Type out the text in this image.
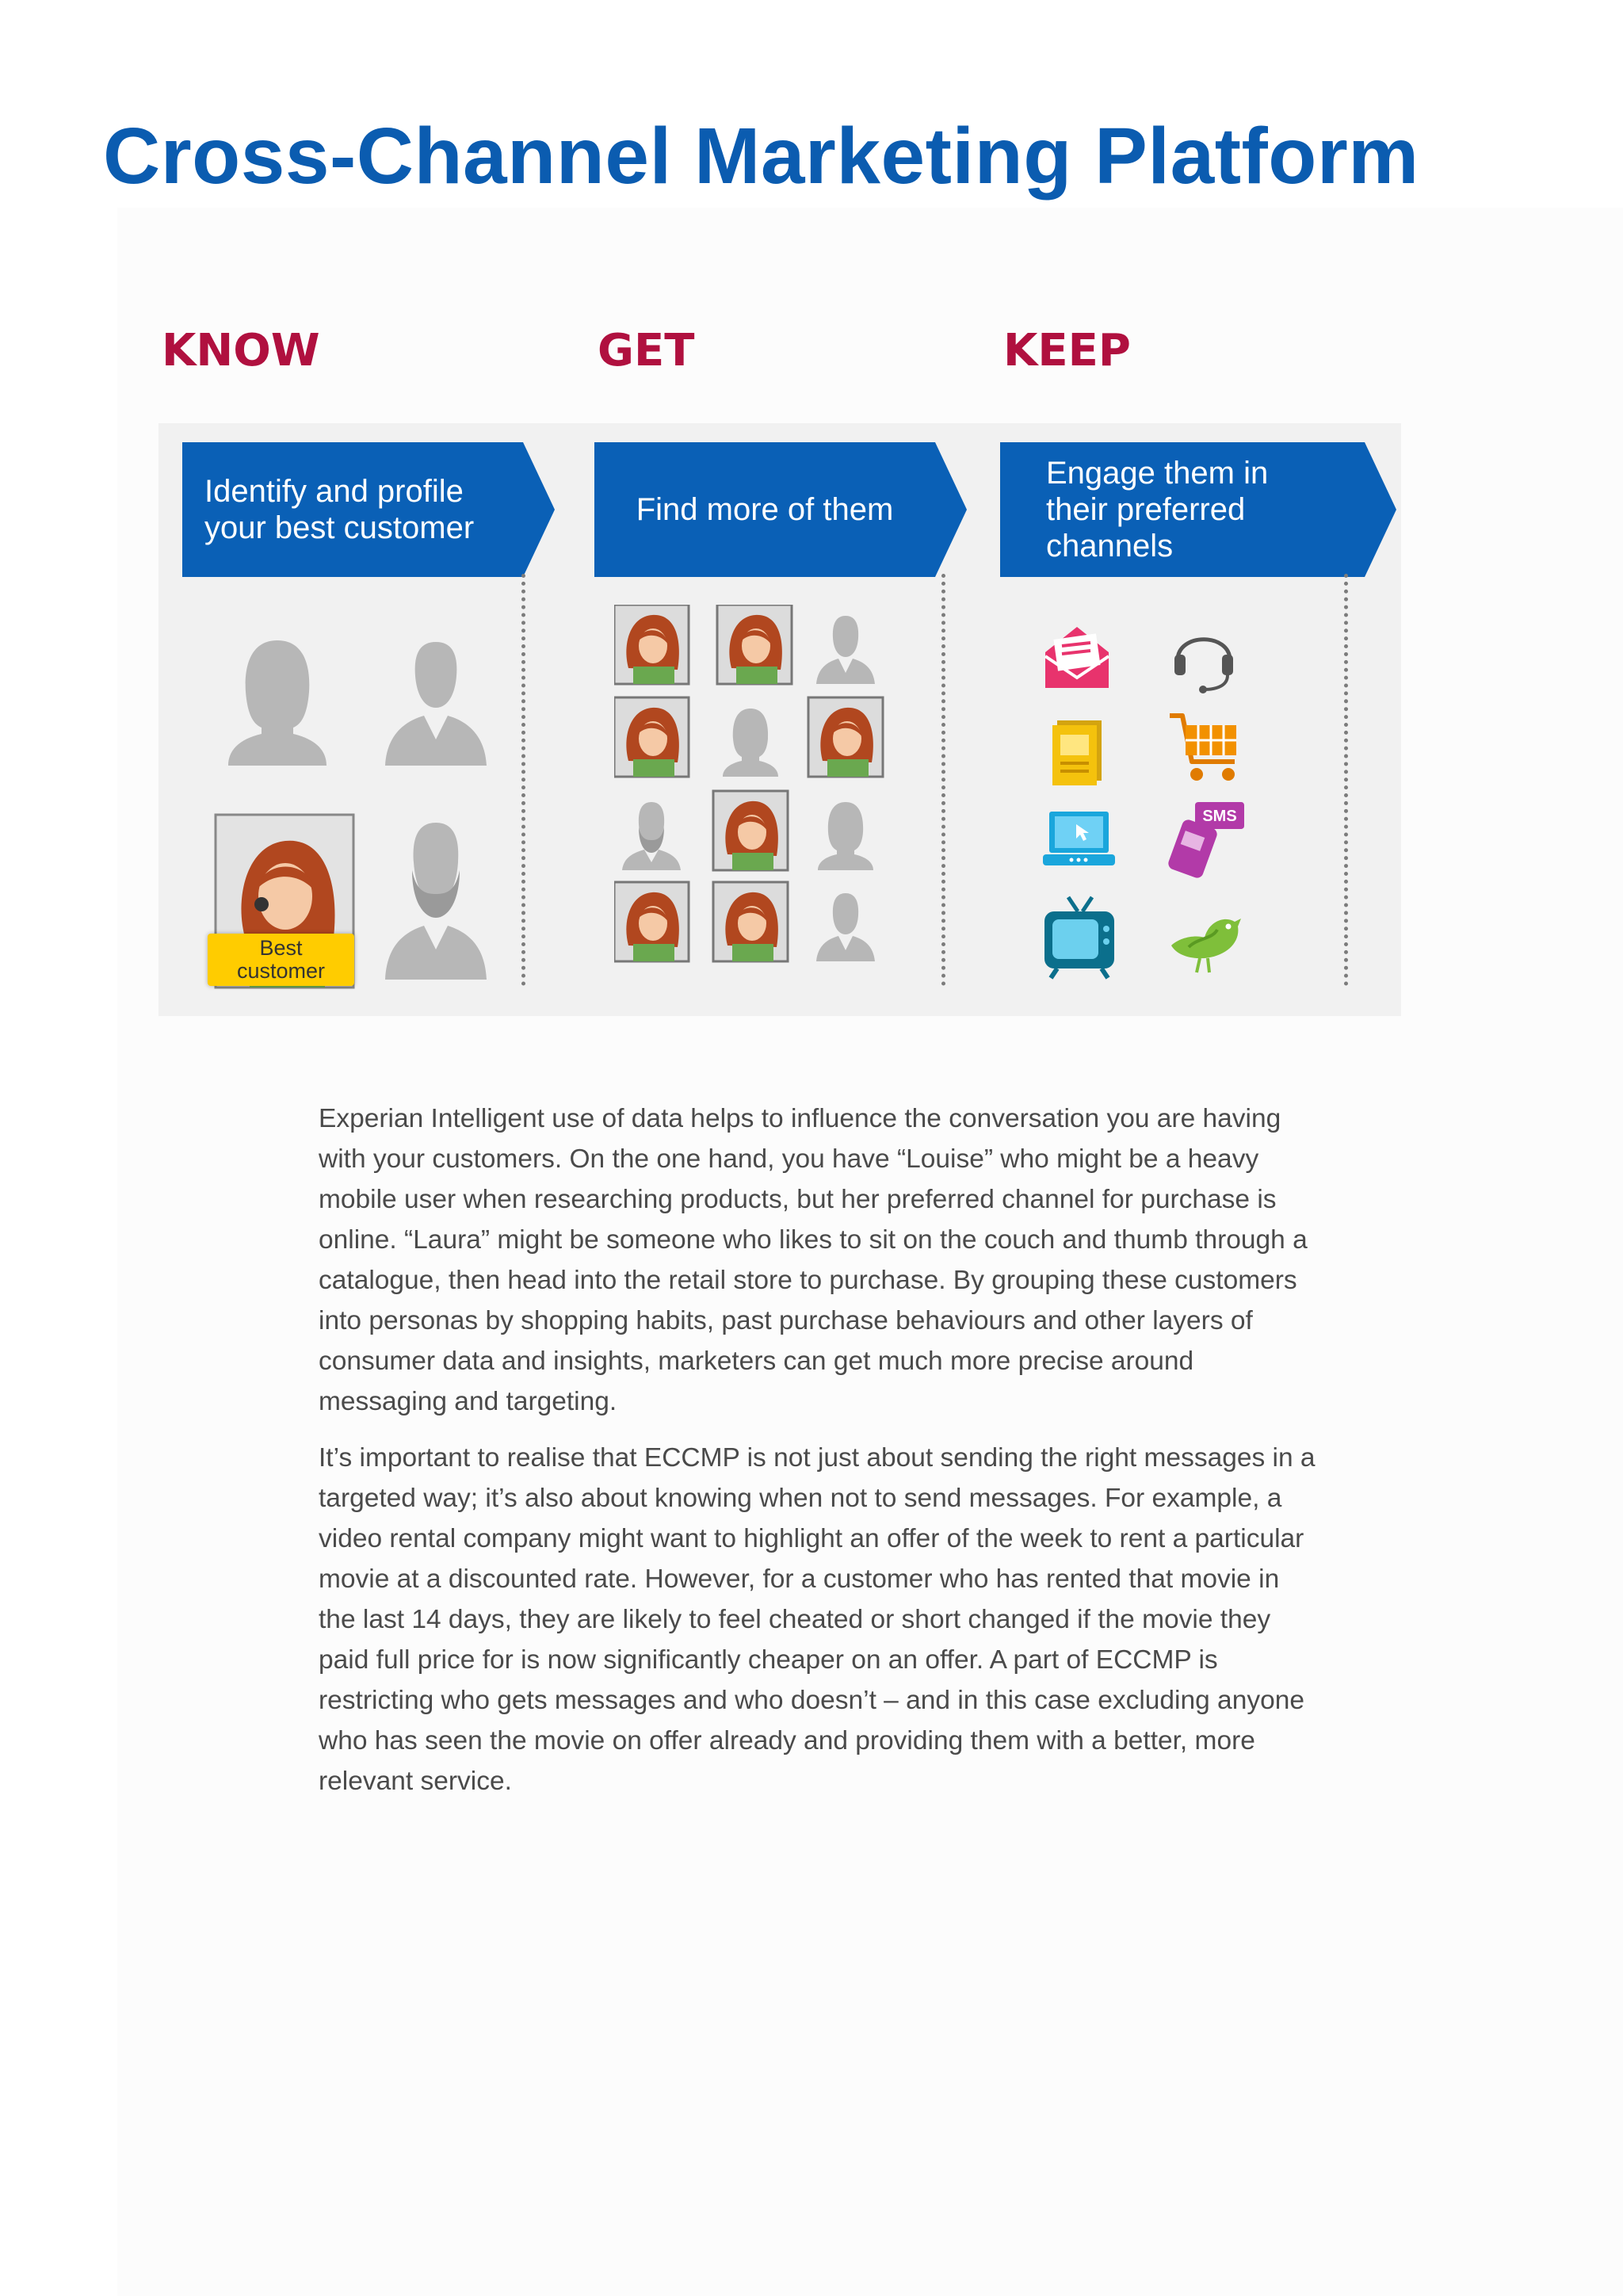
Cross-Channel Marketing Platform
KNOW	GET	KEEP
Identify and profile your best customer
Best customer
Find more of them
Engage them in their preferred channels
SMS

Experian Intelligent use of data helps to influence the conversation you are having with your customers. On the one hand, you have “Louise” who might be a heavy mobile user when researching products, but her preferred channel for purchase is online. “Laura” might be someone who likes to sit on the couch and thumb through a catalogue, then head into the retail store to purchase. By grouping these customers into personas by shopping habits, past purchase behaviours and other layers of consumer data and insights, marketers can get much more precise around messaging and targeting.

It’s important to realise that ECCMP is not just about sending the right messages in a targeted way; it’s also about knowing when not to send messages. For example, a video rental company might want to highlight an offer of the week to rent a particular movie at a discounted rate. However, for a customer who has rented that movie in the last 14 days, they are likely to feel cheated or short changed if the movie they paid full price for is now significantly cheaper on an offer. A part of ECCMP is restricting who gets messages and who doesn’t – and in this case excluding anyone who has seen the movie on offer already and providing them with a better, more relevant service.
